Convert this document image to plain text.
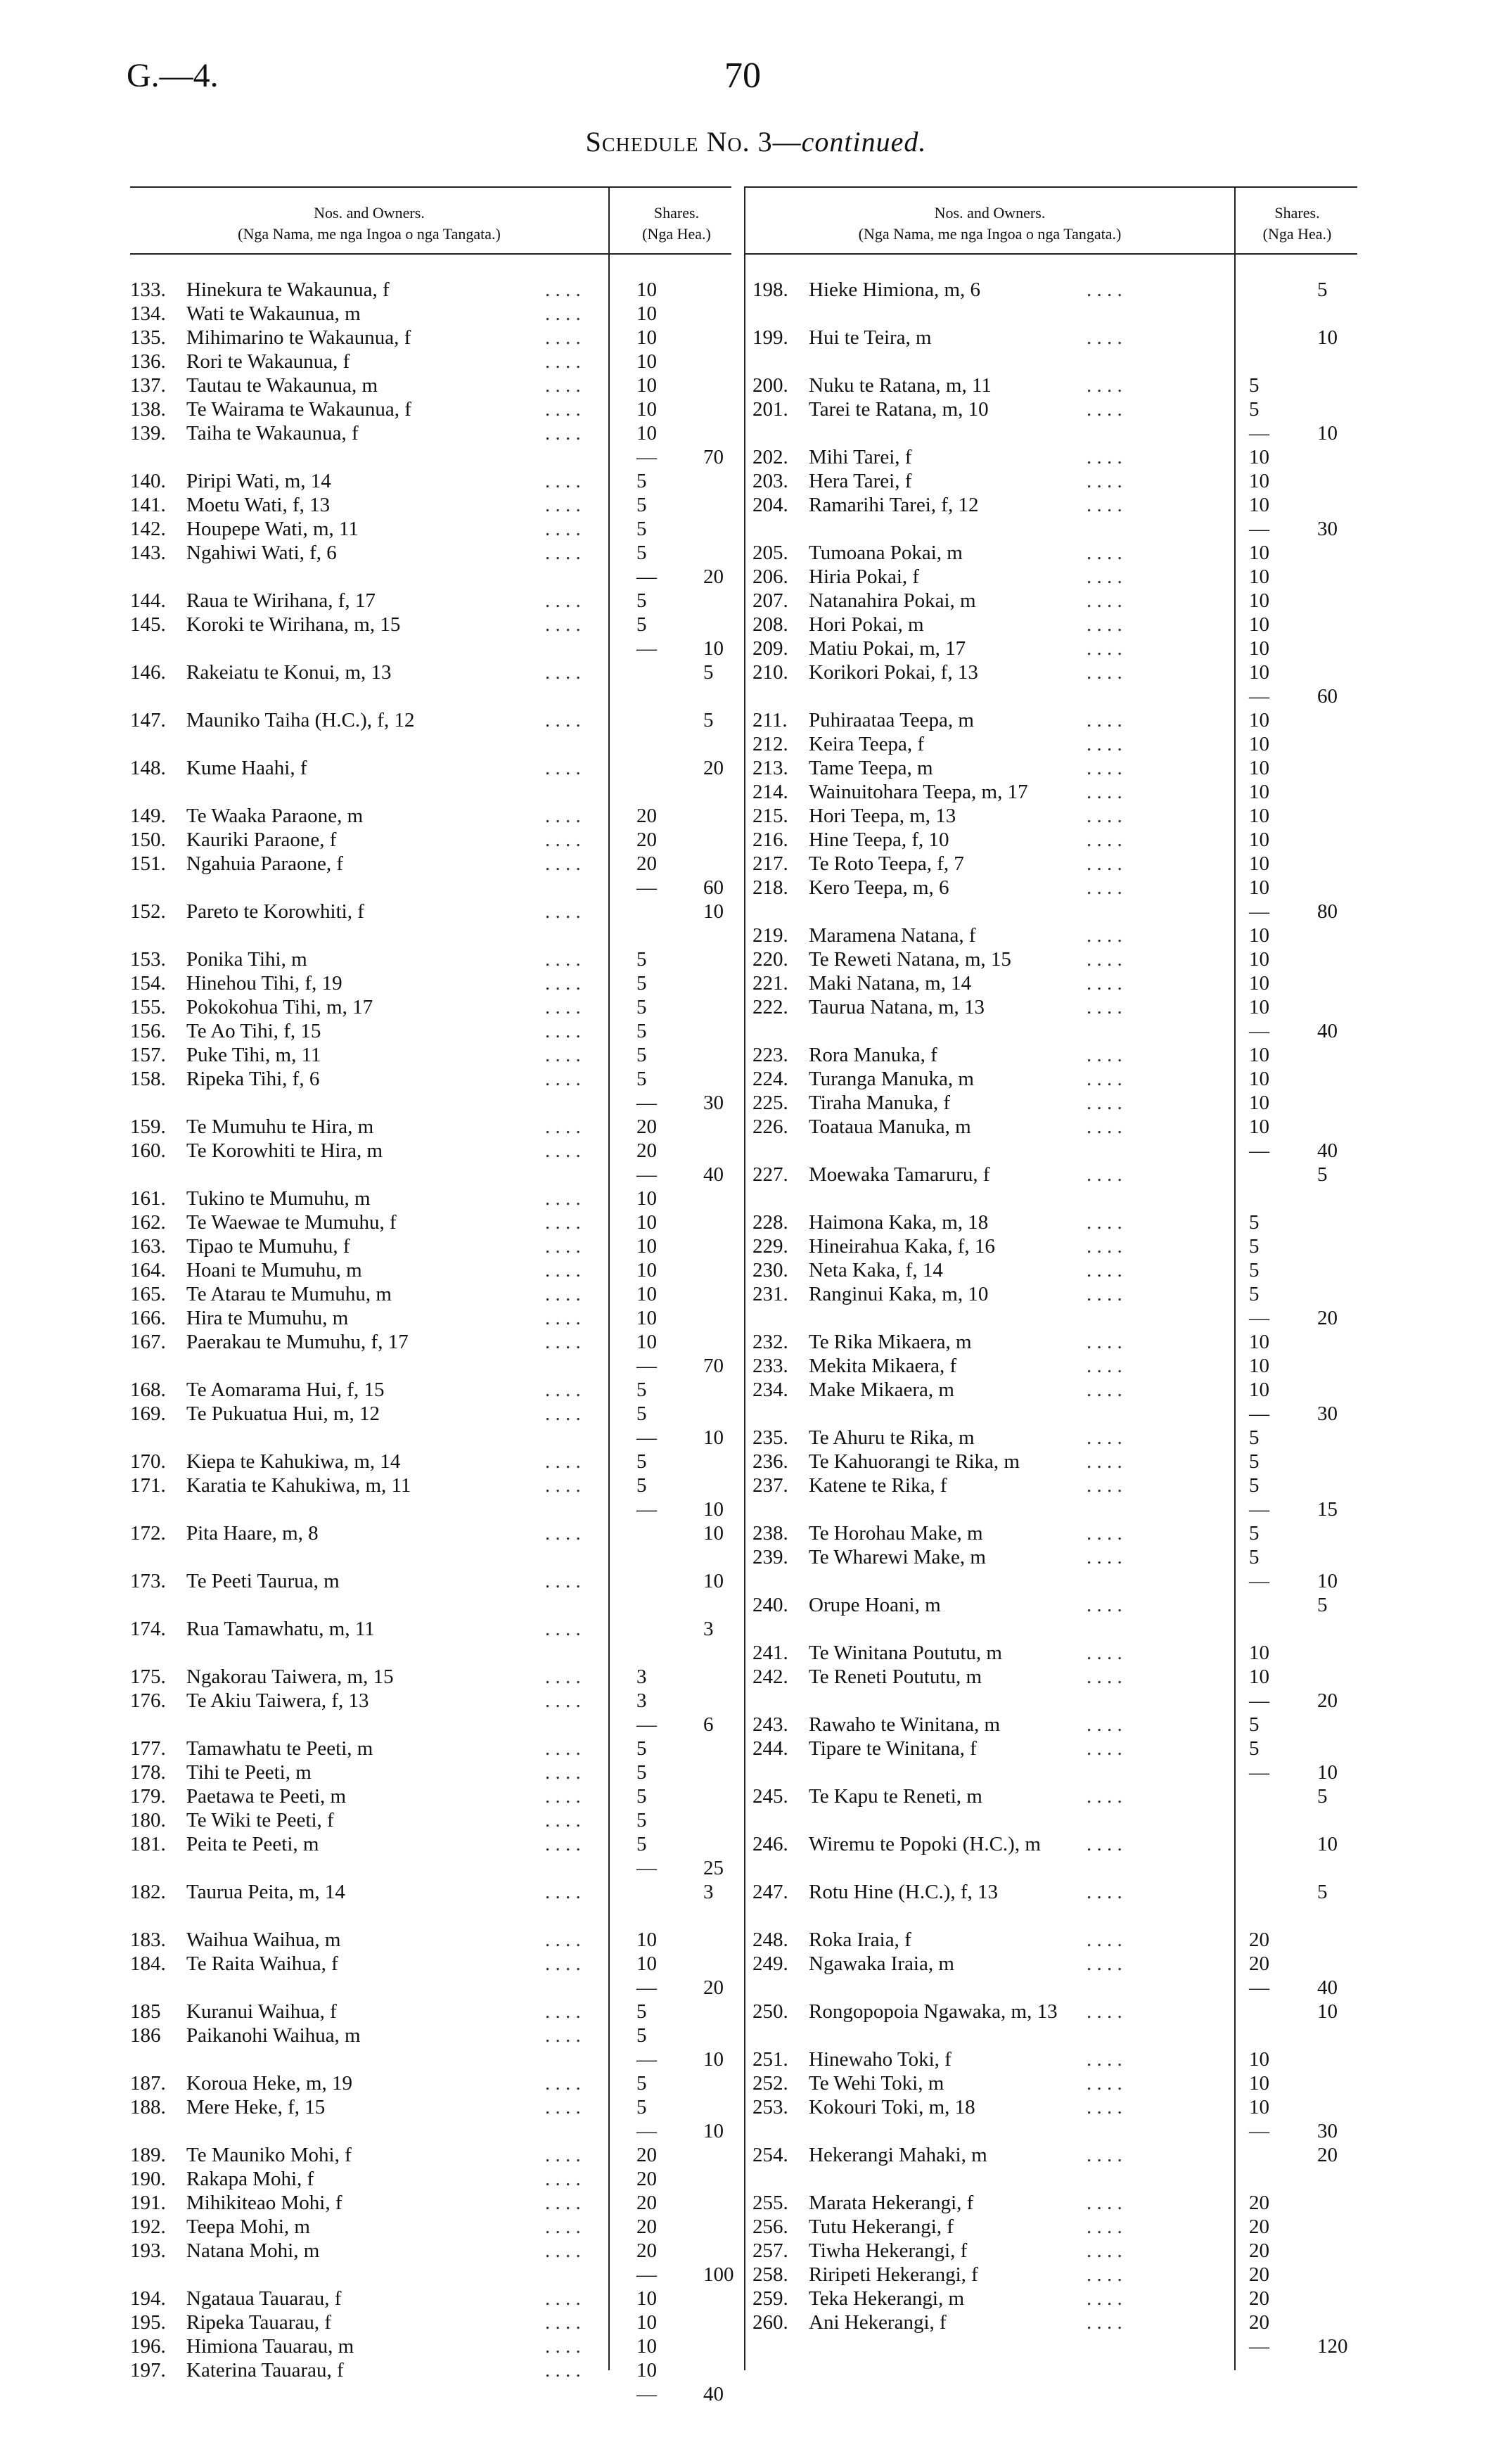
G.—4.	70
Schedule No. 3—continued.
Nos. and Owners.
(Nga Nama, me nga Ingoa o nga Tangata.)
Shares.
(Nga Hea.)
Nos. and Owners.
(Nga Nama, me nga Ingoa o nga Tangata.)
Shares.
(Nga Hea.)
133.	Hinekura te Wakaunua, f	. . . .	10
134.	Wati te Wakaunua, m	. . . .	10
135.	Mihimarino te Wakaunua, f	. . . .	10
136.	Rori te Wakaunua, f	. . . .	10
137.	Tautau te Wakaunua, m	. . . .	10
138.	Te Wairama te Wakaunua, f	. . . .	10
139.	Taiha te Wakaunua, f	. . . .	10
— 70
140.	Piripi Wati, m, 14	. . . .	5
141.	Moetu Wati, f, 13	. . . .	5
142.	Houpepe Wati, m, 11	. . . .	5
143.	Ngahiwi Wati, f, 6	. . . .	5
— 20
144.	Raua te Wirihana, f, 17	. . . .	5
145.	Koroki te Wirihana, m, 15	. . . .	5
— 10
146.	Rakeiatu te Konui, m, 13	. . . .	5
147.	Mauniko Taiha (H.C.), f, 12	. . . .	5
148.	Kume Haahi, f	. . . .	20
149.	Te Waaka Paraone, m	. . . .	20
150.	Kauriki Paraone, f	. . . .	20
151.	Ngahuia Paraone, f	. . . .	20
— 60
152.	Pareto te Korowhiti, f	. . . .	10
153.	Ponika Tihi, m	. . . .	5
154.	Hinehou Tihi, f, 19	. . . .	5
155.	Pokokohua Tihi, m, 17	. . . .	5
156.	Te Ao Tihi, f, 15	. . . .	5
157.	Puke Tihi, m, 11	. . . .	5
158.	Ripeka Tihi, f, 6	. . . .	5
— 30
159.	Te Mumuhu te Hira, m	. . . .	20
160.	Te Korowhiti te Hira, m	. . . .	20
— 40
161.	Tukino te Mumuhu, m	. . . .	10
162.	Te Waewae te Mumuhu, f	. . . .	10
163.	Tipao te Mumuhu, f	. . . .	10
164.	Hoani te Mumuhu, m	. . . .	10
165.	Te Atarau te Mumuhu, m	. . . .	10
166.	Hira te Mumuhu, m	. . . .	10
167.	Paerakau te Mumuhu, f, 17	. . . .	10
— 70
168.	Te Aomarama Hui, f, 15	. . . .	5
169.	Te Pukuatua Hui, m, 12	. . . .	5
— 10
170.	Kiepa te Kahukiwa, m, 14	. . . .	5
171.	Karatia te Kahukiwa, m, 11	. . . .	5
— 10
172.	Pita Haare, m, 8	. . . .	10
173.	Te Peeti Taurua, m	. . . .	10
174.	Rua Tamawhatu, m, 11	. . . .	3
175.	Ngakorau Taiwera, m, 15	. . . .	3
176.	Te Akiu Taiwera, f, 13	. . . .	3
— 6
177.	Tamawhatu te Peeti, m	. . . .	5
178.	Tihi te Peeti, m	. . . .	5
179.	Paetawa te Peeti, m	. . . .	5
180.	Te Wiki te Peeti, f	. . . .	5
181.	Peita te Peeti, m	. . . .	5
— 25
182.	Taurua Peita, m, 14	. . . .	3
183.	Waihua Waihua, m	. . . .	10
184.	Te Raita Waihua, f	. . . .	10
— 20
185	Kuranui Waihua, f	. . . .	5
186	Paikanohi Waihua, m	. . . .	5
— 10
187.	Koroua Heke, m, 19	. . . .	5
188.	Mere Heke, f, 15	. . . .	5
— 10
189.	Te Mauniko Mohi, f	. . . .	20
190.	Rakapa Mohi, f	. . . .	20
191.	Mihikiteao Mohi, f	. . . .	20
192.	Teepa Mohi, m	. . . .	20
193.	Natana Mohi, m	. . . .	20
— 100
194.	Ngataua Tauarau, f	. . . .	10
195.	Ripeka Tauarau, f	. . . .	10
196.	Himiona Tauarau, m	. . . .	10
197.	Katerina Tauarau, f	. . . .	10
— 40
198.	Hieke Himiona, m, 6	. . . .	5
199.	Hui te Teira, m	. . . .	10
200.	Nuku te Ratana, m, 11	. . . .	5
201.	Tarei te Ratana, m, 10	. . . .	5
— 10
202.	Mihi Tarei, f	. . . .	10
203.	Hera Tarei, f	. . . .	10
204.	Ramarihi Tarei, f, 12	. . . .	10
— 30
205.	Tumoana Pokai, m	. . . .	10
206.	Hiria Pokai, f	. . . .	10
207.	Natanahira Pokai, m	. . . .	10
208.	Hori Pokai, m	. . . .	10
209.	Matiu Pokai, m, 17	. . . .	10
210.	Korikori Pokai, f, 13	. . . .	10
— 60
211.	Puhiraataa Teepa, m	. . . .	10
212.	Keira Teepa, f	. . . .	10
213.	Tame Teepa, m	. . . .	10
214.	Wainuitohara Teepa, m, 17	. . . .	10
215.	Hori Teepa, m, 13	. . . .	10
216.	Hine Teepa, f, 10	. . . .	10
217.	Te Roto Teepa, f, 7	. . . .	10
218.	Kero Teepa, m, 6	. . . .	10
— 80
219.	Maramena Natana, f	. . . .	10
220.	Te Reweti Natana, m, 15	. . . .	10
221.	Maki Natana, m, 14	. . . .	10
222.	Taurua Natana, m, 13	. . . .	10
— 40
223.	Rora Manuka, f	. . . .	10
224.	Turanga Manuka, m	. . . .	10
225.	Tiraha Manuka, f	. . . .	10
226.	Toataua Manuka, m	. . . .	10
— 40
227.	Moewaka Tamaruru, f	. . . .	5
228.	Haimona Kaka, m, 18	. . . .	5
229.	Hineirahua Kaka, f, 16	. . . .	5
230.	Neta Kaka, f, 14	. . . .	5
231.	Ranginui Kaka, m, 10	. . . .	5
— 20
232.	Te Rika Mikaera, m	. . . .	10
233.	Mekita Mikaera, f	. . . .	10
234.	Make Mikaera, m	. . . .	10
— 30
235.	Te Ahuru te Rika, m	. . . .	5
236.	Te Kahuorangi te Rika, m	. . . .	5
237.	Katene te Rika, f	. . . .	5
— 15
238.	Te Horohau Make, m	. . . .	5
239.	Te Wharewi Make, m	. . . .	5
— 10
240.	Orupe Hoani, m	. . . .	5
241.	Te Winitana Poututu, m	. . . .	10
242.	Te Reneti Poututu, m	. . . .	10
— 20
243.	Rawaho te Winitana, m	. . . .	5
244.	Tipare te Winitana, f	. . . .	5
— 10
245.	Te Kapu te Reneti, m	. . . .	5
246.	Wiremu te Popoki (H.C.), m . . . .	10
247.	Rotu Hine (H.C.), f, 13	. . . .	5
248.	Roka Iraia, f	. . . .	20
249.	Ngawaka Iraia, m	. . . .	20
— 40
250.	Rongopopoia Ngawaka, m, 13 . . . .	10
251.	Hinewaho Toki, f	. . . .	10
252.	Te Wehi Toki, m	. . . .	10
253.	Kokouri Toki, m, 18	. . . .	10
— 30
254.	Hekerangi Mahaki, m	. . . .	20
255.	Marata Hekerangi, f	. . . .	20
256.	Tutu Hekerangi, f	. . . .	20
257.	Tiwha Hekerangi, f	. . . .	20
258.	Riripeti Hekerangi, f	. . . .	20
259.	Teka Hekerangi, m	. . . .	20
260.	Ani Hekerangi, f	. . . .	20
— 120
